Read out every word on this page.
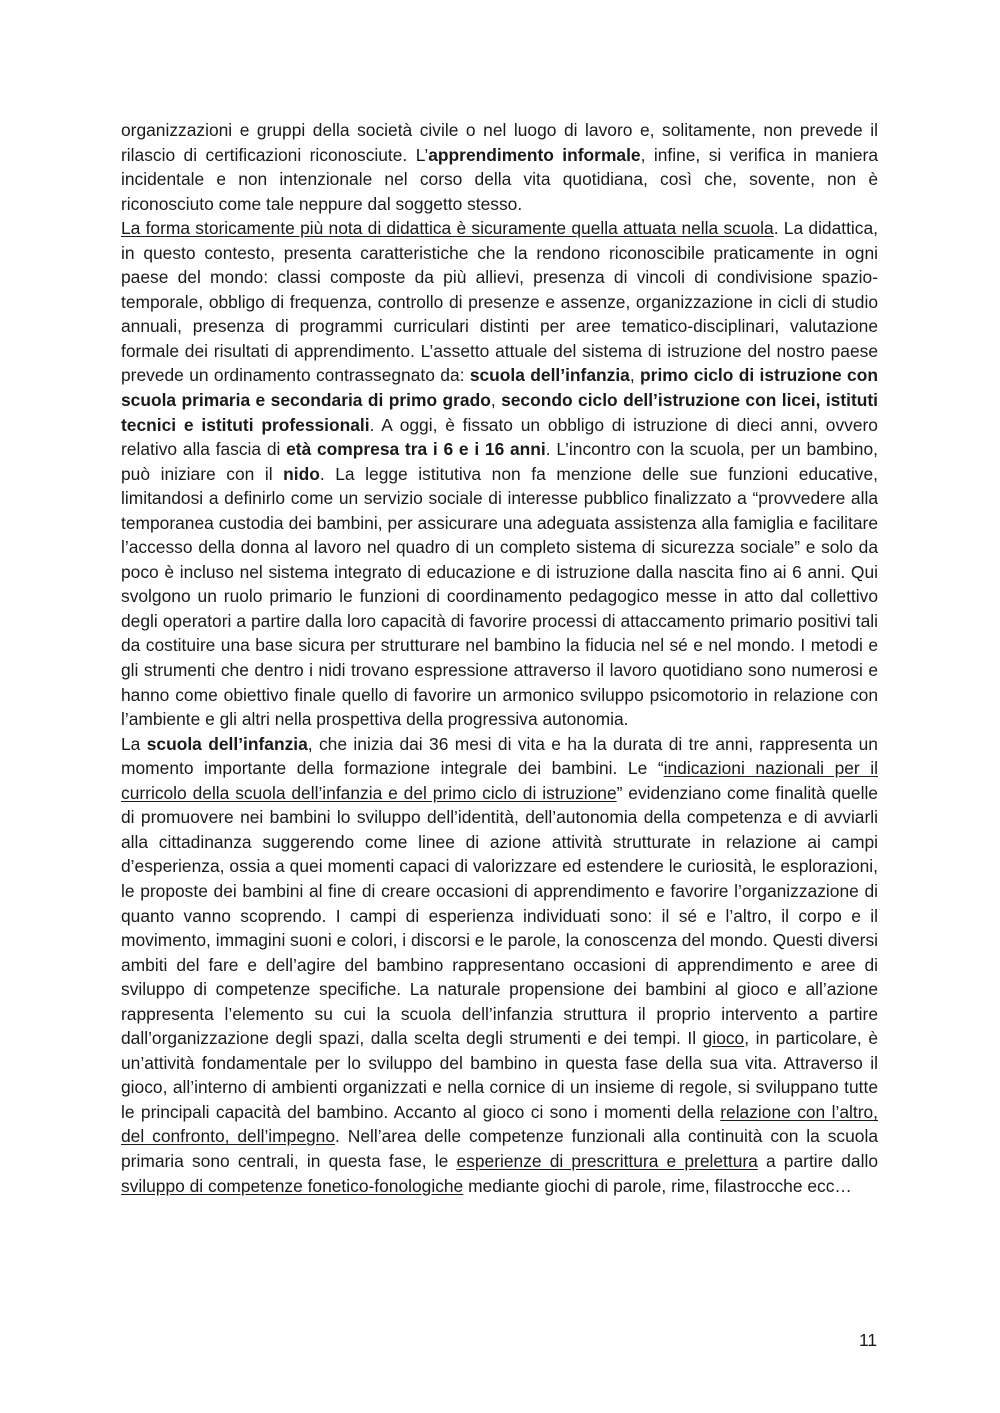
organizzazioni e gruppi della società civile o nel luogo di lavoro e, solitamente, non prevede il rilascio di certificazioni riconosciute. L’apprendimento informale, infine, si verifica in maniera incidentale e non intenzionale nel corso della vita quotidiana, così che, sovente, non è riconosciuto come tale neppure dal soggetto stesso.

La forma storicamente più nota di didattica è sicuramente quella attuata nella scuola. La didattica, in questo contesto, presenta caratteristiche che la rendono riconoscibile praticamente in ogni paese del mondo: classi composte da più allievi, presenza di vincoli di condivisione spazio-temporale, obbligo di frequenza, controllo di presenze e assenze, organizzazione in cicli di studio annuali, presenza di programmi curriculari distinti per aree tematico-disciplinari, valutazione formale dei risultati di apprendimento. L’assetto attuale del sistema di istruzione del nostro paese prevede un ordinamento contrassegnato da: scuola dell’infanzia, primo ciclo di istruzione con scuola primaria e secondaria di primo grado, secondo ciclo dell’istruzione con licei, istituti tecnici e istituti professionali. A oggi, è fissato un obbligo di istruzione di dieci anni, ovvero relativo alla fascia di età compresa tra i 6 e i 16 anni. L’incontro con la scuola, per un bambino, può iniziare con il nido. La legge istitutiva non fa menzione delle sue funzioni educative, limitandosi a definirlo come un servizio sociale di interesse pubblico finalizzato a “provvedere alla temporanea custodia dei bambini, per assicurare una adeguata assistenza alla famiglia e facilitare l’accesso della donna al lavoro nel quadro di un completo sistema di sicurezza sociale” e solo da poco è incluso nel sistema integrato di educazione e di istruzione dalla nascita fino ai 6 anni. Qui svolgono un ruolo primario le funzioni di coordinamento pedagogico messe in atto dal collettivo degli operatori a partire dalla loro capacità di favorire processi di attaccamento primario positivi tali da costituire una base sicura per strutturare nel bambino la fiducia nel sé e nel mondo. I metodi e gli strumenti che dentro i nidi trovano espressione attraverso il lavoro quotidiano sono numerosi e hanno come obiettivo finale quello di favorire un armonico sviluppo psicomotorio in relazione con l’ambiente e gli altri nella prospettiva della progressiva autonomia.

La scuola dell’infanzia, che inizia dai 36 mesi di vita e ha la durata di tre anni, rappresenta un momento importante della formazione integrale dei bambini. Le “indicazioni nazionali per il curricolo della scuola dell’infanzia e del primo ciclo di istruzione” evidenziano come finalità quelle di promuovere nei bambini lo sviluppo dell’identità, dell’autonomia della competenza e di avviarli alla cittadinanza suggerendo come linee di azione attività strutturate in relazione ai campi d’esperienza, ossia a quei momenti capaci di valorizzare ed estendere le curiosità, le esplorazioni, le proposte dei bambini al fine di creare occasioni di apprendimento e favorire l’organizzazione di quanto vanno scoprendo. I campi di esperienza individuati sono: il sé e l’altro, il corpo e il movimento, immagini suoni e colori, i discorsi e le parole, la conoscenza del mondo. Questi diversi ambiti del fare e dell’agire del bambino rappresentano occasioni di apprendimento e aree di sviluppo di competenze specifiche. La naturale propensione dei bambini al gioco e all’azione rappresenta l’elemento su cui la scuola dell’infanzia struttura il proprio intervento a partire dall’organizzazione degli spazi, dalla scelta degli strumenti e dei tempi. Il gioco, in particolare, è un’attività fondamentale per lo sviluppo del bambino in questa fase della sua vita. Attraverso il gioco, all’interno di ambienti organizzati e nella cornice di un insieme di regole, si sviluppano tutte le principali capacità del bambino. Accanto al gioco ci sono i momenti della relazione con l’altro, del confronto, dell’impegno. Nell’area delle competenze funzionali alla continuità con la scuola primaria sono centrali, in questa fase, le esperienze di prescrittura e prelettura a partire dallo sviluppo di competenze fonetico-fonologiche mediante giochi di parole, rime, filastrocche ecc…

11
